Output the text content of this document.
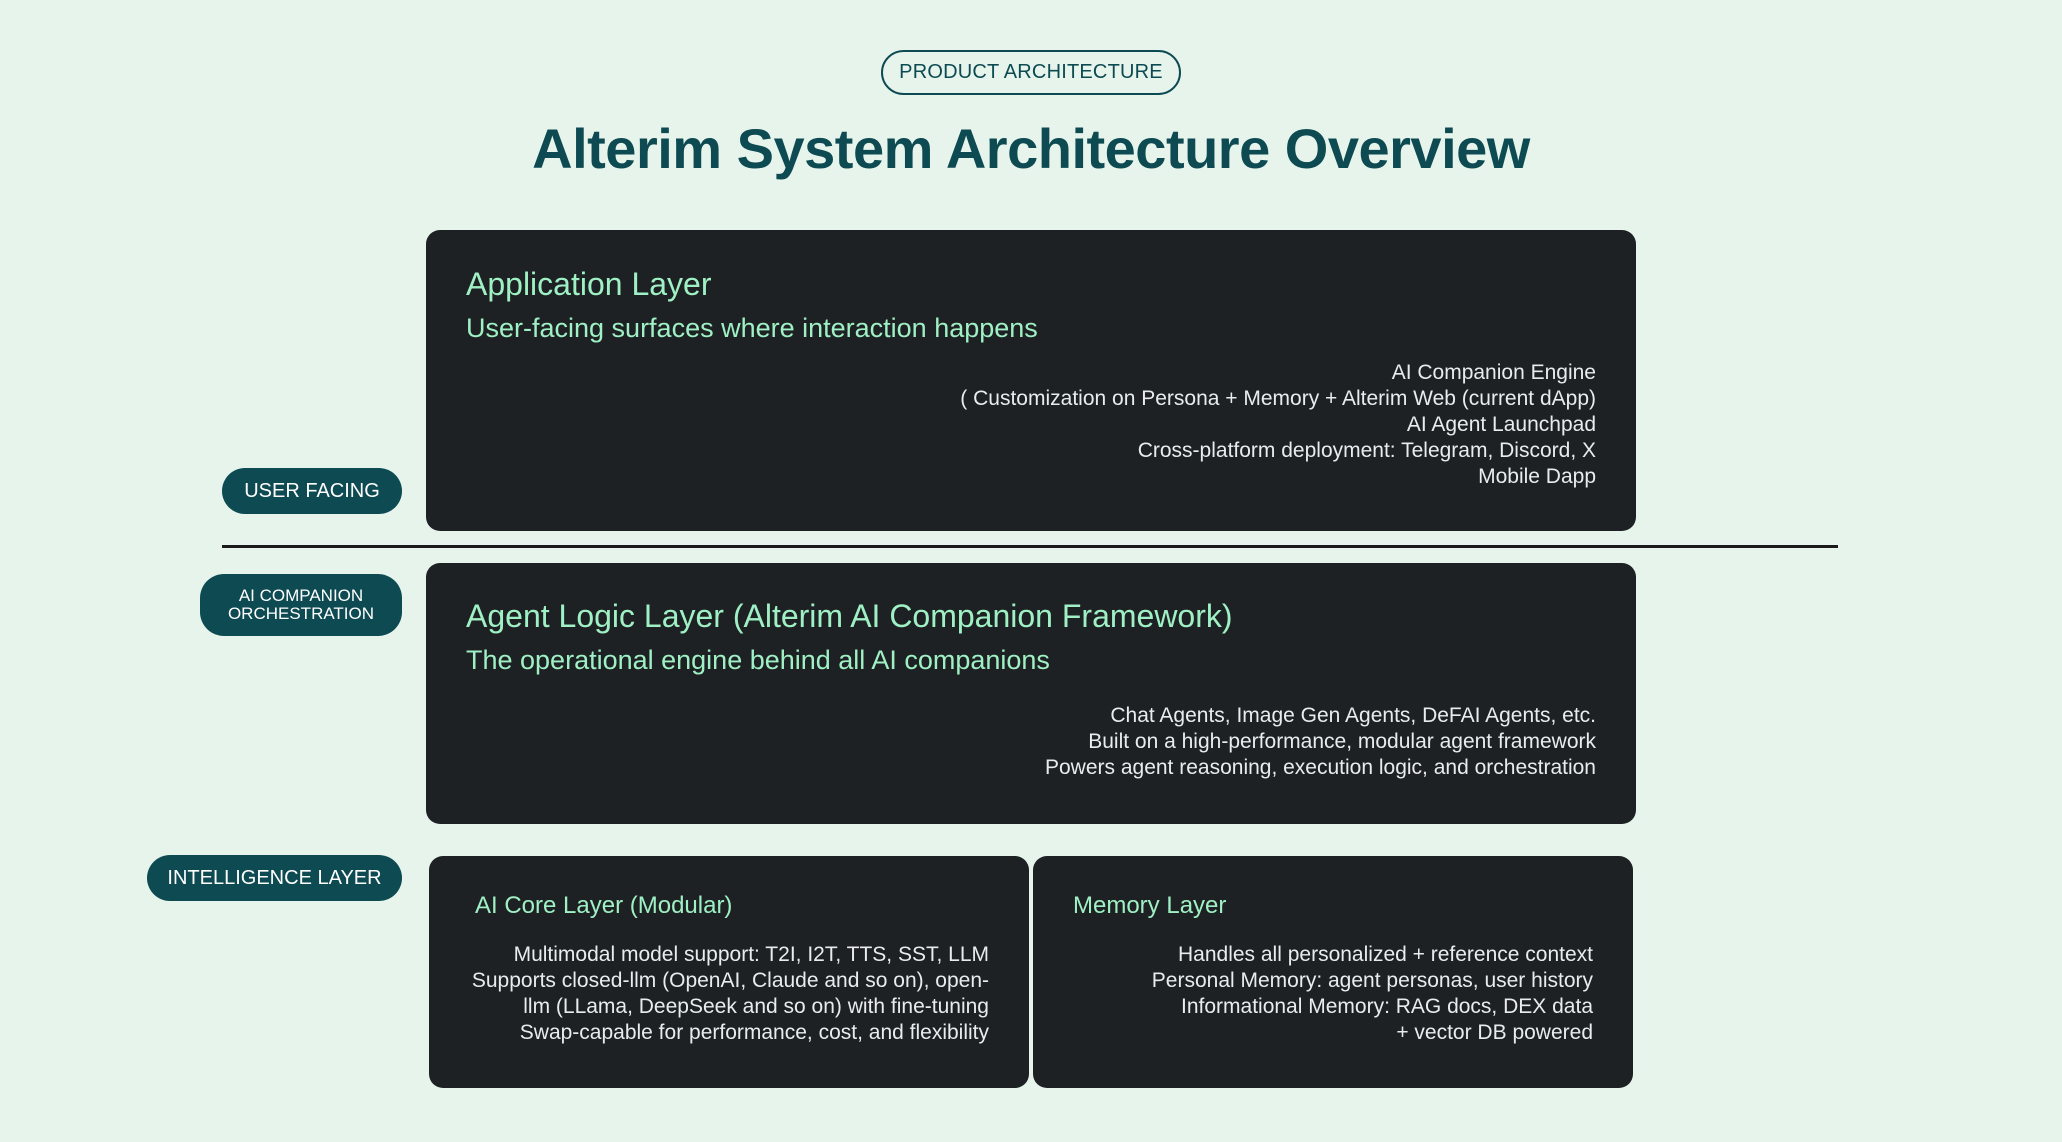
PRODUCT ARCHITECTURE
Alterim System Architecture Overview
Application Layer
User-facing surfaces where interaction happens
AI Companion Engine
( Customization on Persona + Memory + Alterim Web (current dApp)
AI Agent Launchpad
Cross-platform deployment: Telegram, Discord, X
Mobile Dapp
USER FACING
Agent Logic Layer (Alterim AI Companion Framework)
The operational engine behind all AI companions
Chat Agents, Image Gen Agents, DeFAI Agents, etc.
Built on a high-performance, modular agent framework
Powers agent reasoning, execution logic, and orchestration
AI COMPANION
ORCHESTRATION
INTELLIGENCE LAYER
AI Core Layer (Modular)
Multimodal model support: T2I, I2T, TTS, SST, LLM
Supports closed-llm (OpenAI, Claude and so on), open-
llm (LLama, DeepSeek and so on) with fine-tuning
Swap-capable for performance, cost, and flexibility
Memory Layer
Handles all personalized + reference context
Personal Memory: agent personas, user history
Informational Memory: RAG docs, DEX data
+ vector DB powered
